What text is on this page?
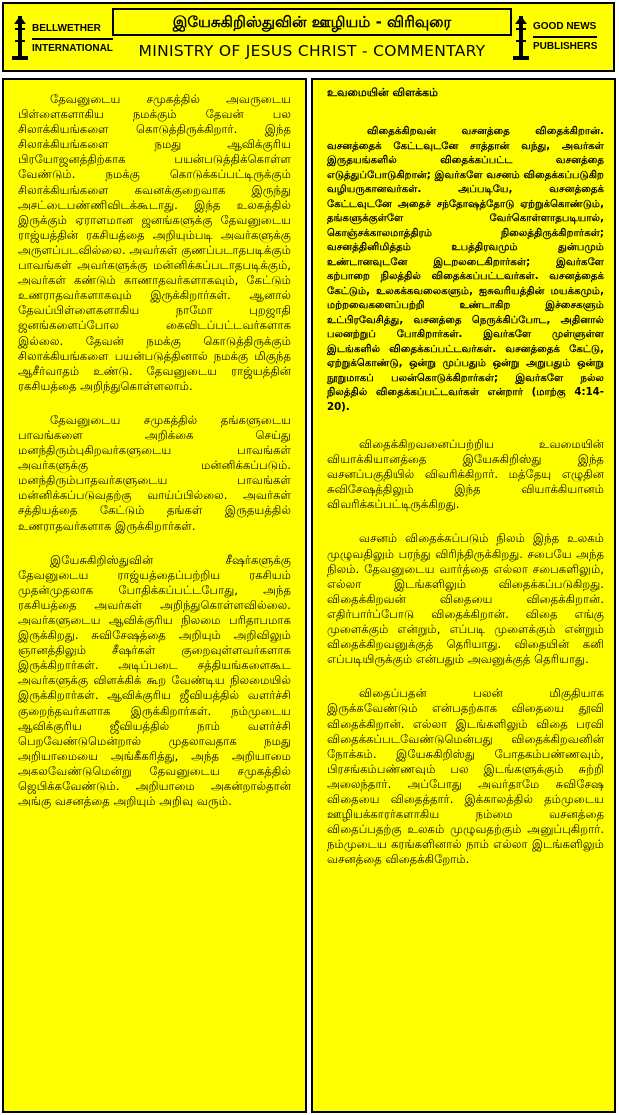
BELLWETHER
INTERNATIONAL
இயேசுகிறிஸ்துவின் ஊழியம் - விரிவுரை
MINISTRY OF JESUS CHRIST - COMMENTARY
GOOD NEWS
PUBLISHERS

தேவனுடைய சமுகத்தில் அவருடைய பிள்ளைகளாகிய நமக்கும் தேவன் பல சிலாக்கியங்களை கொடுத்திருக்கிறார். இந்த சிலாக்கியங்களை நமது ஆவிக்குரிய பிரயோஜனத்திற்காக பயன்படுத்திக்கொள்ள வேண்டும். நமக்கு கொடுக்கப்பட்டிருக்கும் சிலாக்கியங்களை கவனக்குறைவாக இருந்து அசட்டைபண்ணிவிடக்கூடாது. இந்த உலகத்தில் இருக்கும் ஏராளமான ஜனங்களுக்கு தேவனுடைய ராஜ்யத்தின் ரகசியத்தை அறியும்படி அவர்களுக்கு அருளப்படவில்லை. அவர்கள் குணப்படாதபடிக்கும் பாவங்கள் அவர்களுக்கு மன்னிக்கப்படாதபடிக்கும், அவர்கள் கண்டும் காணாதவர்களாகவும், கேட்டும் உணராதவர்களாகவும் இருக்கிறார்கள். ஆனால் தேவப்பிள்ளைகளாகிய நாமோ புறஜாதி ஜனங்களைப்போல கைவிடப்பட்டவர்களாக இல்லை. தேவன் நமக்கு கொடுத்திருக்கும் சிலாக்கியங்களை பயன்படுத்தினால் நமக்கு மிகுந்த ஆசீர்வாதம் உண்டு. தேவனுடைய ராஜ்யத்தின் ரகசியத்தை அறிந்துகொள்ளலாம்.

தேவனுடைய சமுகத்தில் தங்களுடைய பாவங்களை அறிக்கை செய்து மனந்திரும்புகிறவர்களுடைய பாவங்கள் அவர்களுக்கு மன்னிக்கப்படும். மனந்திரும்பாதவர்களுடைய பாவங்கள் மன்னிக்கப்படுவதற்கு வாய்ப்பில்லை. அவர்கள் சத்தியத்தை கேட்டும் தங்கள் இருதயத்தில் உணராதவர்களாக இருக்கிறார்கள்.

இயேசுகிறிஸ்துவின் சீஷர்களுக்கு தேவனுடைய ராஜ்யத்தைப்பற்றிய ரகசியம் முதன்முதலாக போதிக்கப்பட்டபோது, அந்த ரகசியத்தை அவர்கள் அறிந்துகொள்ளவில்லை. அவர்களுடைய ஆவிக்குரிய நிலமை பரிதாபமாக இருக்கிறது. சுவிசேஷத்தை அறியும் அறிவிலும் ஞானத்திலும் சீஷர்கள் குறைவுள்ளவர்களாக இருக்கிறார்கள். அடிப்படை சத்தியங்களைகூட அவர்களுக்கு விளக்கிக் கூற வேண்டிய நிலமையில் இருக்கிறார்கள். ஆவிக்குரிய ஜீவியத்தில் வளர்ச்சி குறைந்தவர்களாக இருக்கிறார்கள். நம்முடைய ஆவிக்குரிய ஜீவியத்தில் நாம் வளர்ச்சி பெறவேண்டுமென்றால் முதலாவதாக நமது அறியாமையை அங்கீகரித்து, அந்த அறியாமை அகலவேண்டுமென்று தேவனுடைய சமுகத்தில் ஜெபிக்கவேண்டும். அறியாமை அகன்றால்தான் அங்கு வசனத்தை அறியும் அறிவு வரும்.

உவமையின் விளக்கம்

விதைக்கிறவன் வசனத்தை விதைக்கிறான். வசனத்தைக் கேட்டவுடனே சாத்தான் வந்து, அவர்கள் இருதயங்களில் விதைக்கப்பட்ட வசனத்தை எடுத்துப்போடுகிறான்; இவர்களே வசனம் விதைக்கப்படுகிற வழியருகானவர்கள். அப்படியே, வசனத்தைக் கேட்டவுடனே அதைச் சந்தோஷத்தோடு ஏற்றுக்கொண்டும், தங்களுக்குள்ளே வேர்கொள்ளாதபடியால், கொஞ்சக்காலமாத்திரம் நிலைத்திருக்கிறார்கள்; வசனத்தினிமித்தம் உபத்திரவமும் துன்பமும் உண்டானவுடனே இடறலடைகிறார்கள்; இவர்களே கற்பாறை நிலத்தில் விதைக்கப்பட்டவர்கள். வசனத்தைக் கேட்டும், உலகக்கவலைகளும், ஐசுவரியத்தின் மயக்கமும், மற்றவைகளைப்பற்றி உண்டாகிற இச்சைகளும் உட்பிரவேசித்து, வசனத்தை நெருக்கிப்போட, அதினால் பலனற்றுப் போகிறார்கள். இவர்களே முள்ளுள்ள இடங்களில் விதைக்கப்பட்டவர்கள். வசனத்தைக் கேட்டு, ஏற்றுக்கொண்டு, ஒன்று முப்பதும் ஒன்று அறுபதும் ஒன்று நூறுமாகப் பலன்கொடுக்கிறார்கள்; இவர்களே நல்ல நிலத்தில் விதைக்கப்பட்டவர்கள் என்றார் (மாற்கு 4:14-20).

விதைக்கிறவனைப்பற்றிய உவமையின் வியாக்கியானத்தை இயேசுகிறிஸ்து இந்த வசனப்பகுதியில் விவரிக்கிறார். மத்தேயு எழுதின சுவிசேஷத்திலும் இந்த வியாக்கியானம் விவரிக்கப்பட்டிருக்கிறது.

வசனம் விதைக்கப்படும் நிலம் இந்த உலகம் முழுவதிலும் பரந்து விரிந்திருக்கிறது. சபையே அந்த நிலம். தேவனுடைய வார்த்தை எல்லா சபைகளிலும், எல்லா இடங்களிலும் விதைக்கப்படுகிறது. விதைக்கிறவன் விதையை விதைக்கிறான். எதிர்பார்ப்போடு விதைக்கிறான். விதை எங்கு முளைக்கும் என்றும், எப்படி முளைக்கும் என்றும் விதைக்கிறவனுக்குத் தெரியாது. விதையின் கனி எப்படியிருக்கும் என்பதும் அவனுக்குத் தெரியாது.

விதைப்பதன் பலன் மிகுதியாக இருக்கவேண்டும் என்பதற்காக விதையை தூவி விதைக்கிறான். எல்லா இடங்களிலும் விதை பரவி விதைக்கப்படவேண்டுமென்பது விதைக்கிறவனின் நோக்கம். இயேசுகிறிஸ்து போதகம்பண்ணவும், பிரசங்கம்பண்ணவும் பல இடங்களுக்கும் சுற்றி அலைந்தார். அப்போது அவர்தாமே சுவிசேஷ விதையை விதைத்தார். இக்காலத்தில் தம்முடைய ஊழியக்காரர்களாகிய நம்மை வசனத்தை விதைப்பதற்கு உலகம் முழுவதற்கும் அனுப்புகிறார். நம்முடைய கரங்களினால் நாம் எல்லா இடங்களிலும் வசனத்தை விதைக்கிறோம்.
